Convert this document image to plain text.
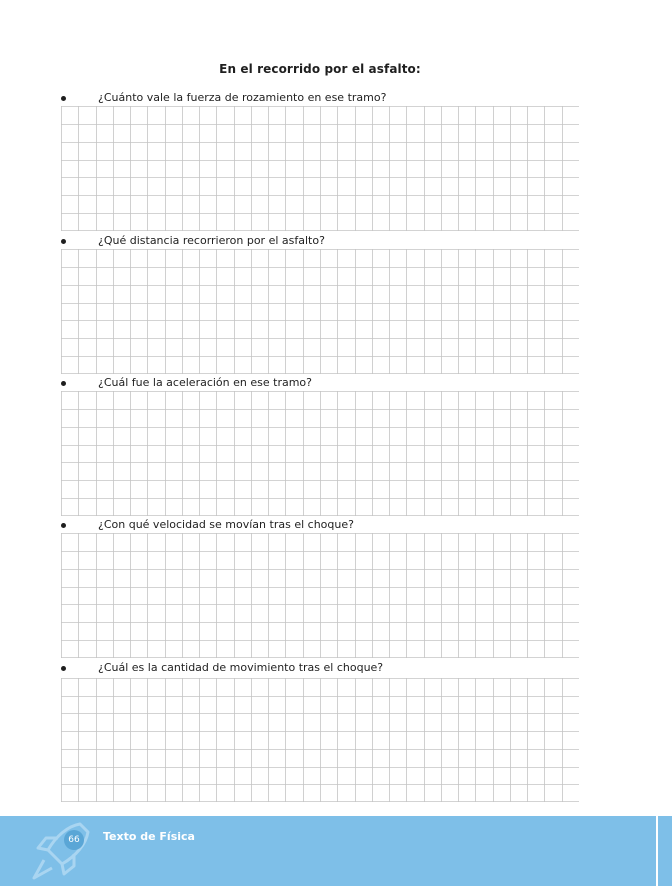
En el recorrido por el asfalto:
¿Cuánto vale la fuerza de rozamiento en ese tramo?
¿Qué distancia recorrieron por el asfalto?
¿Cuál fue la aceleración en ese tramo?
¿Con qué velocidad se movían tras el choque?
¿Cuál es la cantidad de movimiento tras el choque?
66	Texto de Física
